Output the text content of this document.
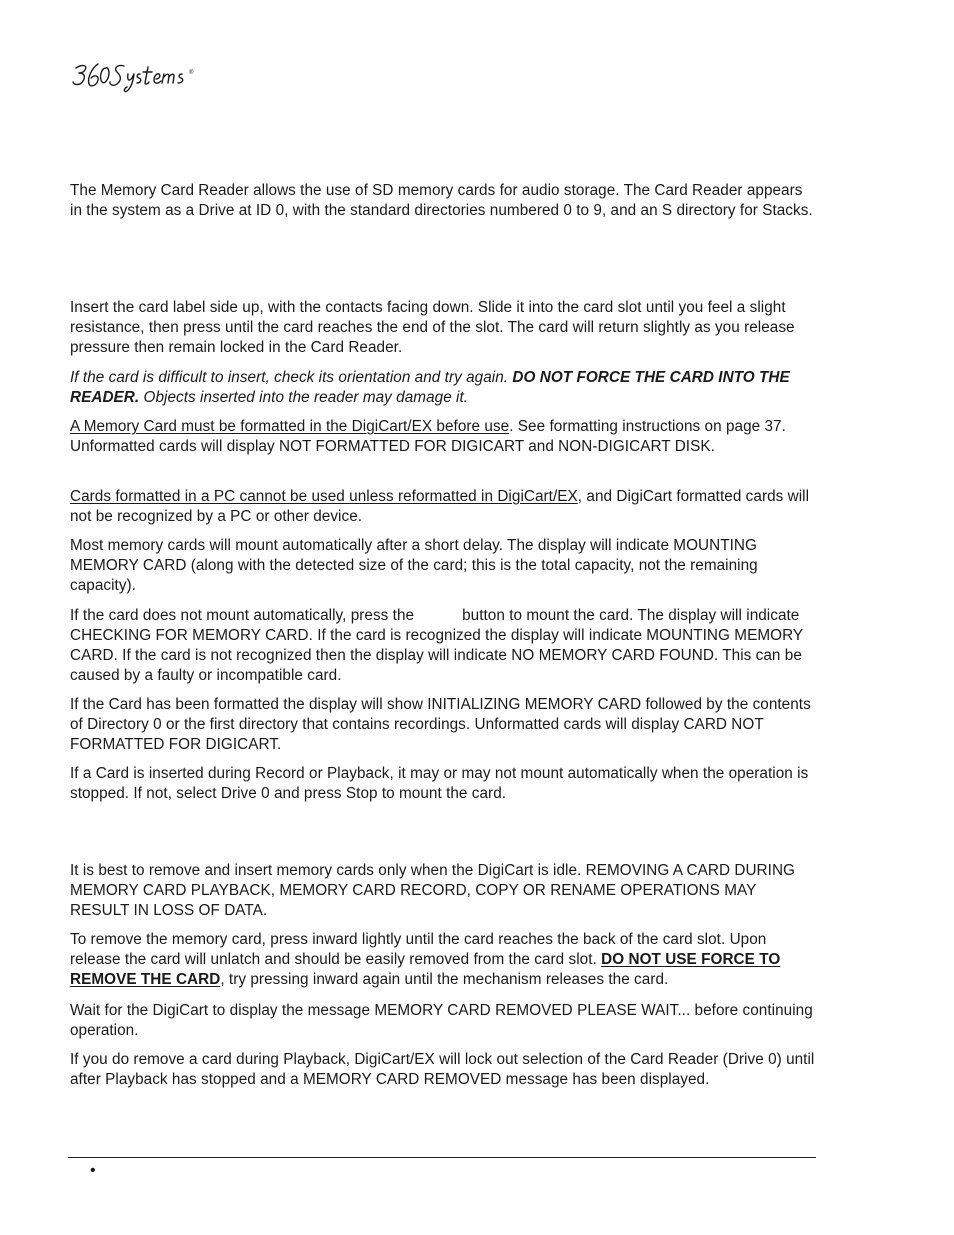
®

The Memory Card Reader allows the use of SD memory cards for audio storage. The Card Reader appears in the system as a Drive at ID 0, with the standard directories numbered 0 to 9, and an S directory for Stacks.

Insert the card label side up, with the contacts facing down. Slide it into the card slot until you feel a slight resistance, then press until the card reaches the end of the slot. The card will return slightly as you release pressure then remain locked in the Card Reader.

If the card is difficult to insert, check its orientation and try again. DO NOT FORCE THE CARD INTO THE READER. Objects inserted into the reader may damage it.

A Memory Card must be formatted in the DigiCart/EX before use. See formatting instructions on page 37. Unformatted cards will display NOT FORMATTED FOR DIGICART and NON-DIGICART DISK.

Cards formatted in a PC cannot be used unless reformatted in DigiCart/EX, and DigiCart formatted cards will not be recognized by a PC or other device.

Most memory cards will mount automatically after a short delay. The display will indicate MOUNTING MEMORY CARD (along with the detected size of the card; this is the total capacity, not the remaining capacity).

If the card does not mount automatically, press the	button to mount the card. The display will indicate CHECKING FOR MEMORY CARD. If the card is recognized the display will indicate MOUNTING MEMORY CARD. If the card is not recognized then the display will indicate NO MEMORY CARD FOUND. This can be caused by a faulty or incompatible card.

If the Card has been formatted the display will show INITIALIZING MEMORY CARD followed by the contents of Directory 0 or the first directory that contains recordings. Unformatted cards will display CARD NOT FORMATTED FOR DIGICART.

If a Card is inserted during Record or Playback, it may or may not mount automatically when the operation is stopped. If not, select Drive 0 and press Stop to mount the card.

It is best to remove and insert memory cards only when the DigiCart is idle. REMOVING A CARD DURING MEMORY CARD PLAYBACK, MEMORY CARD RECORD, COPY OR RENAME OPERATIONS MAY RESULT IN LOSS OF DATA.

To remove the memory card, press inward lightly until the card reaches the back of the card slot. Upon release the card will unlatch and should be easily removed from the card slot. DO NOT USE FORCE TO REMOVE THE CARD, try pressing inward again until the mechanism releases the card.

Wait for the DigiCart to display the message MEMORY CARD REMOVED PLEASE WAIT... before continuing operation.

If you do remove a card during Playback, DigiCart/EX will lock out selection of the Card Reader (Drive 0) until after Playback has stopped and a MEMORY CARD REMOVED message has been displayed.

•
